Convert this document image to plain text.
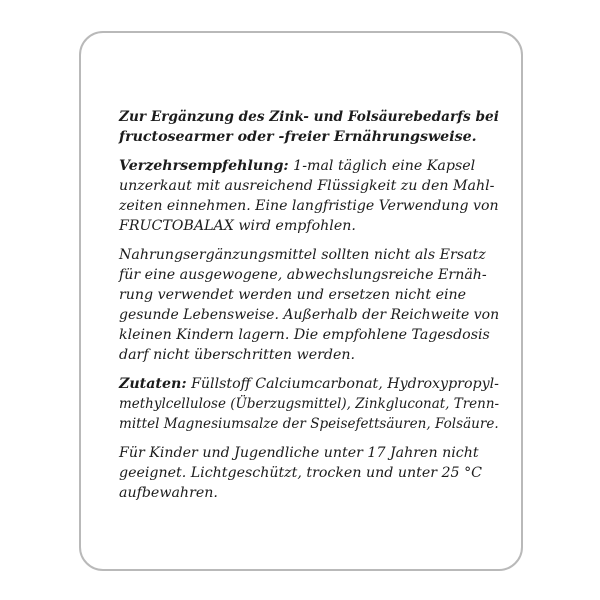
Zur Ergänzung des Zink- und Folsäurebedarfs bei
fructosearmer oder -freier Ernährungsweise.

Verzehrsempfehlung: 1-mal täglich eine Kapsel
unzerkaut mit ausreichend Flüssigkeit zu den Mahl-
zeiten einnehmen. Eine langfristige Verwendung von
FRUCTOBALAX wird empfohlen.

Nahrungsergänzungsmittel sollten nicht als Ersatz
für eine ausgewogene, abwechslungsreiche Ernäh-
rung verwendet werden und ersetzen nicht eine
gesunde Lebensweise. Außerhalb der Reichweite von
kleinen Kindern lagern. Die empfohlene Tagesdosis
darf nicht überschritten werden.

Zutaten: Füllstoff Calciumcarbonat, Hydroxypropyl-
methylcellulose (Überzugsmittel), Zinkgluconat, Trenn-
mittel Magnesiumsalze der Speisefettsäuren, Folsäure.

Für Kinder und Jugendliche unter 17 Jahren nicht
geeignet. Lichtgeschützt, trocken und unter 25 °C
aufbewahren.
